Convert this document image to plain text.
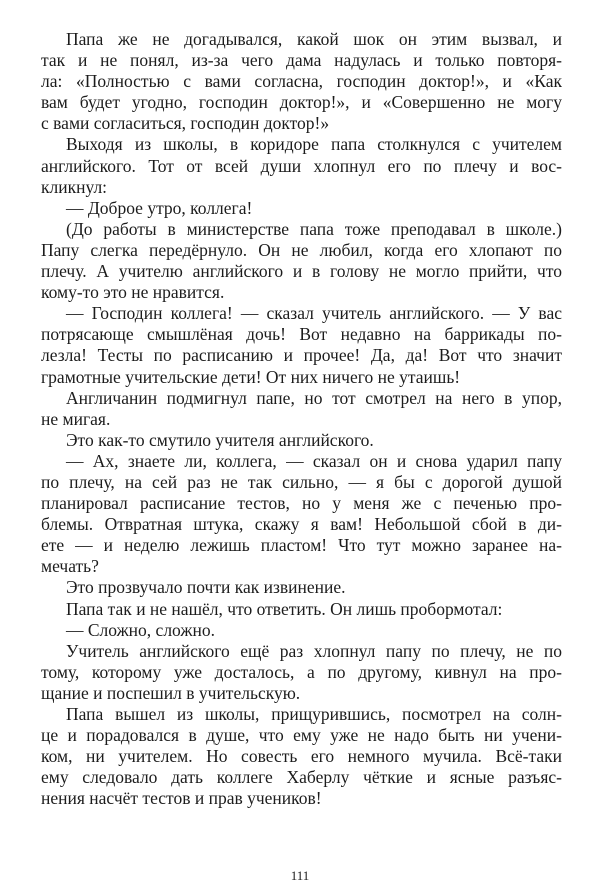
Папа же не догадывался, какой шок он этим вызвал, и
так и не понял, из-за чего дама надулась и только повторя-
ла: «Полностью с вами согласна, господин доктор!», и «Как
вам будет угодно, господин доктор!», и «Совершенно не могу
с вами согласиться, господин доктор!»
Выходя из школы, в коридоре папа столкнулся с учителем
английского. Тот от всей души хлопнул его по плечу и вос-
кликнул:
— Доброе утро, коллега!
(До работы в министерстве папа тоже преподавал в школе.)
Папу слегка передёрнуло. Он не любил, когда его хлопают по
плечу. А учителю английского и в голову не могло прийти, что
кому-то это не нравится.
— Господин коллега! — сказал учитель английского. — У вас
потрясающе смышлёная дочь! Вот недавно на баррикады по-
лезла! Тесты по расписанию и прочее! Да, да! Вот что значит
грамотные учительские дети! От них ничего не утаишь!
Англичанин подмигнул папе, но тот смотрел на него в упор,
не мигая.
Это как-то смутило учителя английского.
— Ах, знаете ли, коллега, — сказал он и снова ударил папу
по плечу, на сей раз не так сильно, — я бы с дорогой душой
планировал расписание тестов, но у меня же с печенью про-
блемы. Отвратная штука, скажу я вам! Небольшой сбой в ди-
ете — и неделю лежишь пластом! Что тут можно заранее на-
мечать?
Это прозвучало почти как извинение.
Папа так и не нашёл, что ответить. Он лишь пробормотал:
— Сложно, сложно.
Учитель английского ещё раз хлопнул папу по плечу, не по
тому, которому уже досталось, а по другому, кивнул на про-
щание и поспешил в учительскую.
Папа вышел из школы, прищурившись, посмотрел на солн-
це и порадовался в душе, что ему уже не надо быть ни учени-
ком, ни учителем. Но совесть его немного мучила. Всё-таки
ему следовало дать коллеге Хаберлу чёткие и ясные разъяс-
нения насчёт тестов и прав учеников!
111
